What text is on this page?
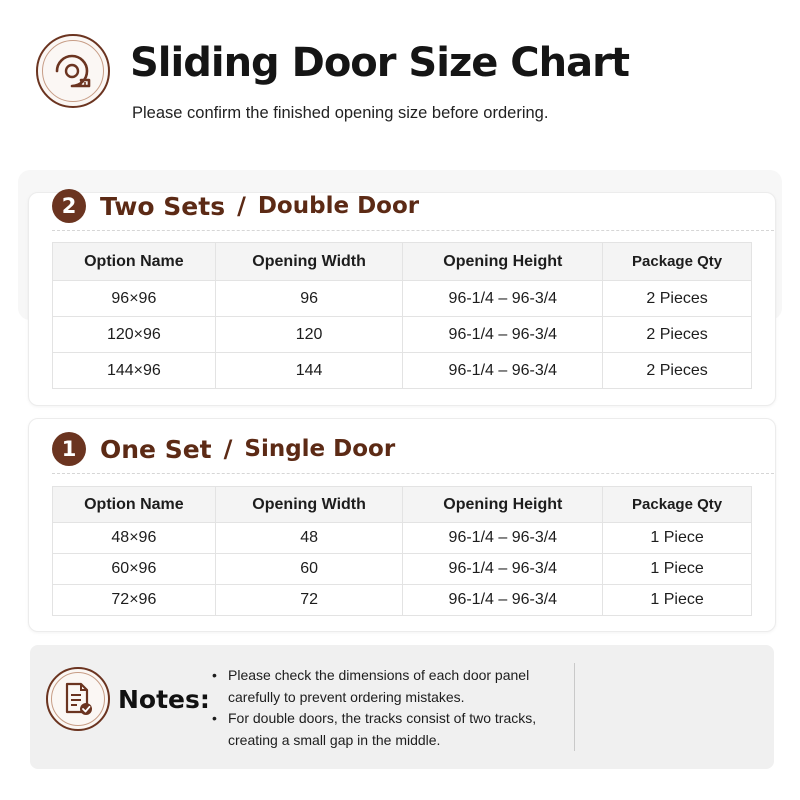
Sliding Door Size Chart
Please confirm the finished opening size before ordering.
2 Two Sets / Double Door
Option Name	Opening Width	Opening Height	Package Qty
96×96	96	96-1/4 – 96-3/4	2 Pieces
120×96	120	96-1/4 – 96-3/4	2 Pieces
144×96	144	96-1/4 – 96-3/4	2 Pieces
1 One Set / Single Door
Option Name	Opening Width	Opening Height	Package Qty
48×96	48	96-1/4 – 96-3/4	1 Piece
60×96	60	96-1/4 – 96-3/4	1 Piece
72×96	72	96-1/4 – 96-3/4	1 Piece
Notes:
• Please check the dimensions of each door panel carefully to prevent ordering mistakes.
• For double doors, the tracks consist of two tracks, creating a small gap in the middle.
